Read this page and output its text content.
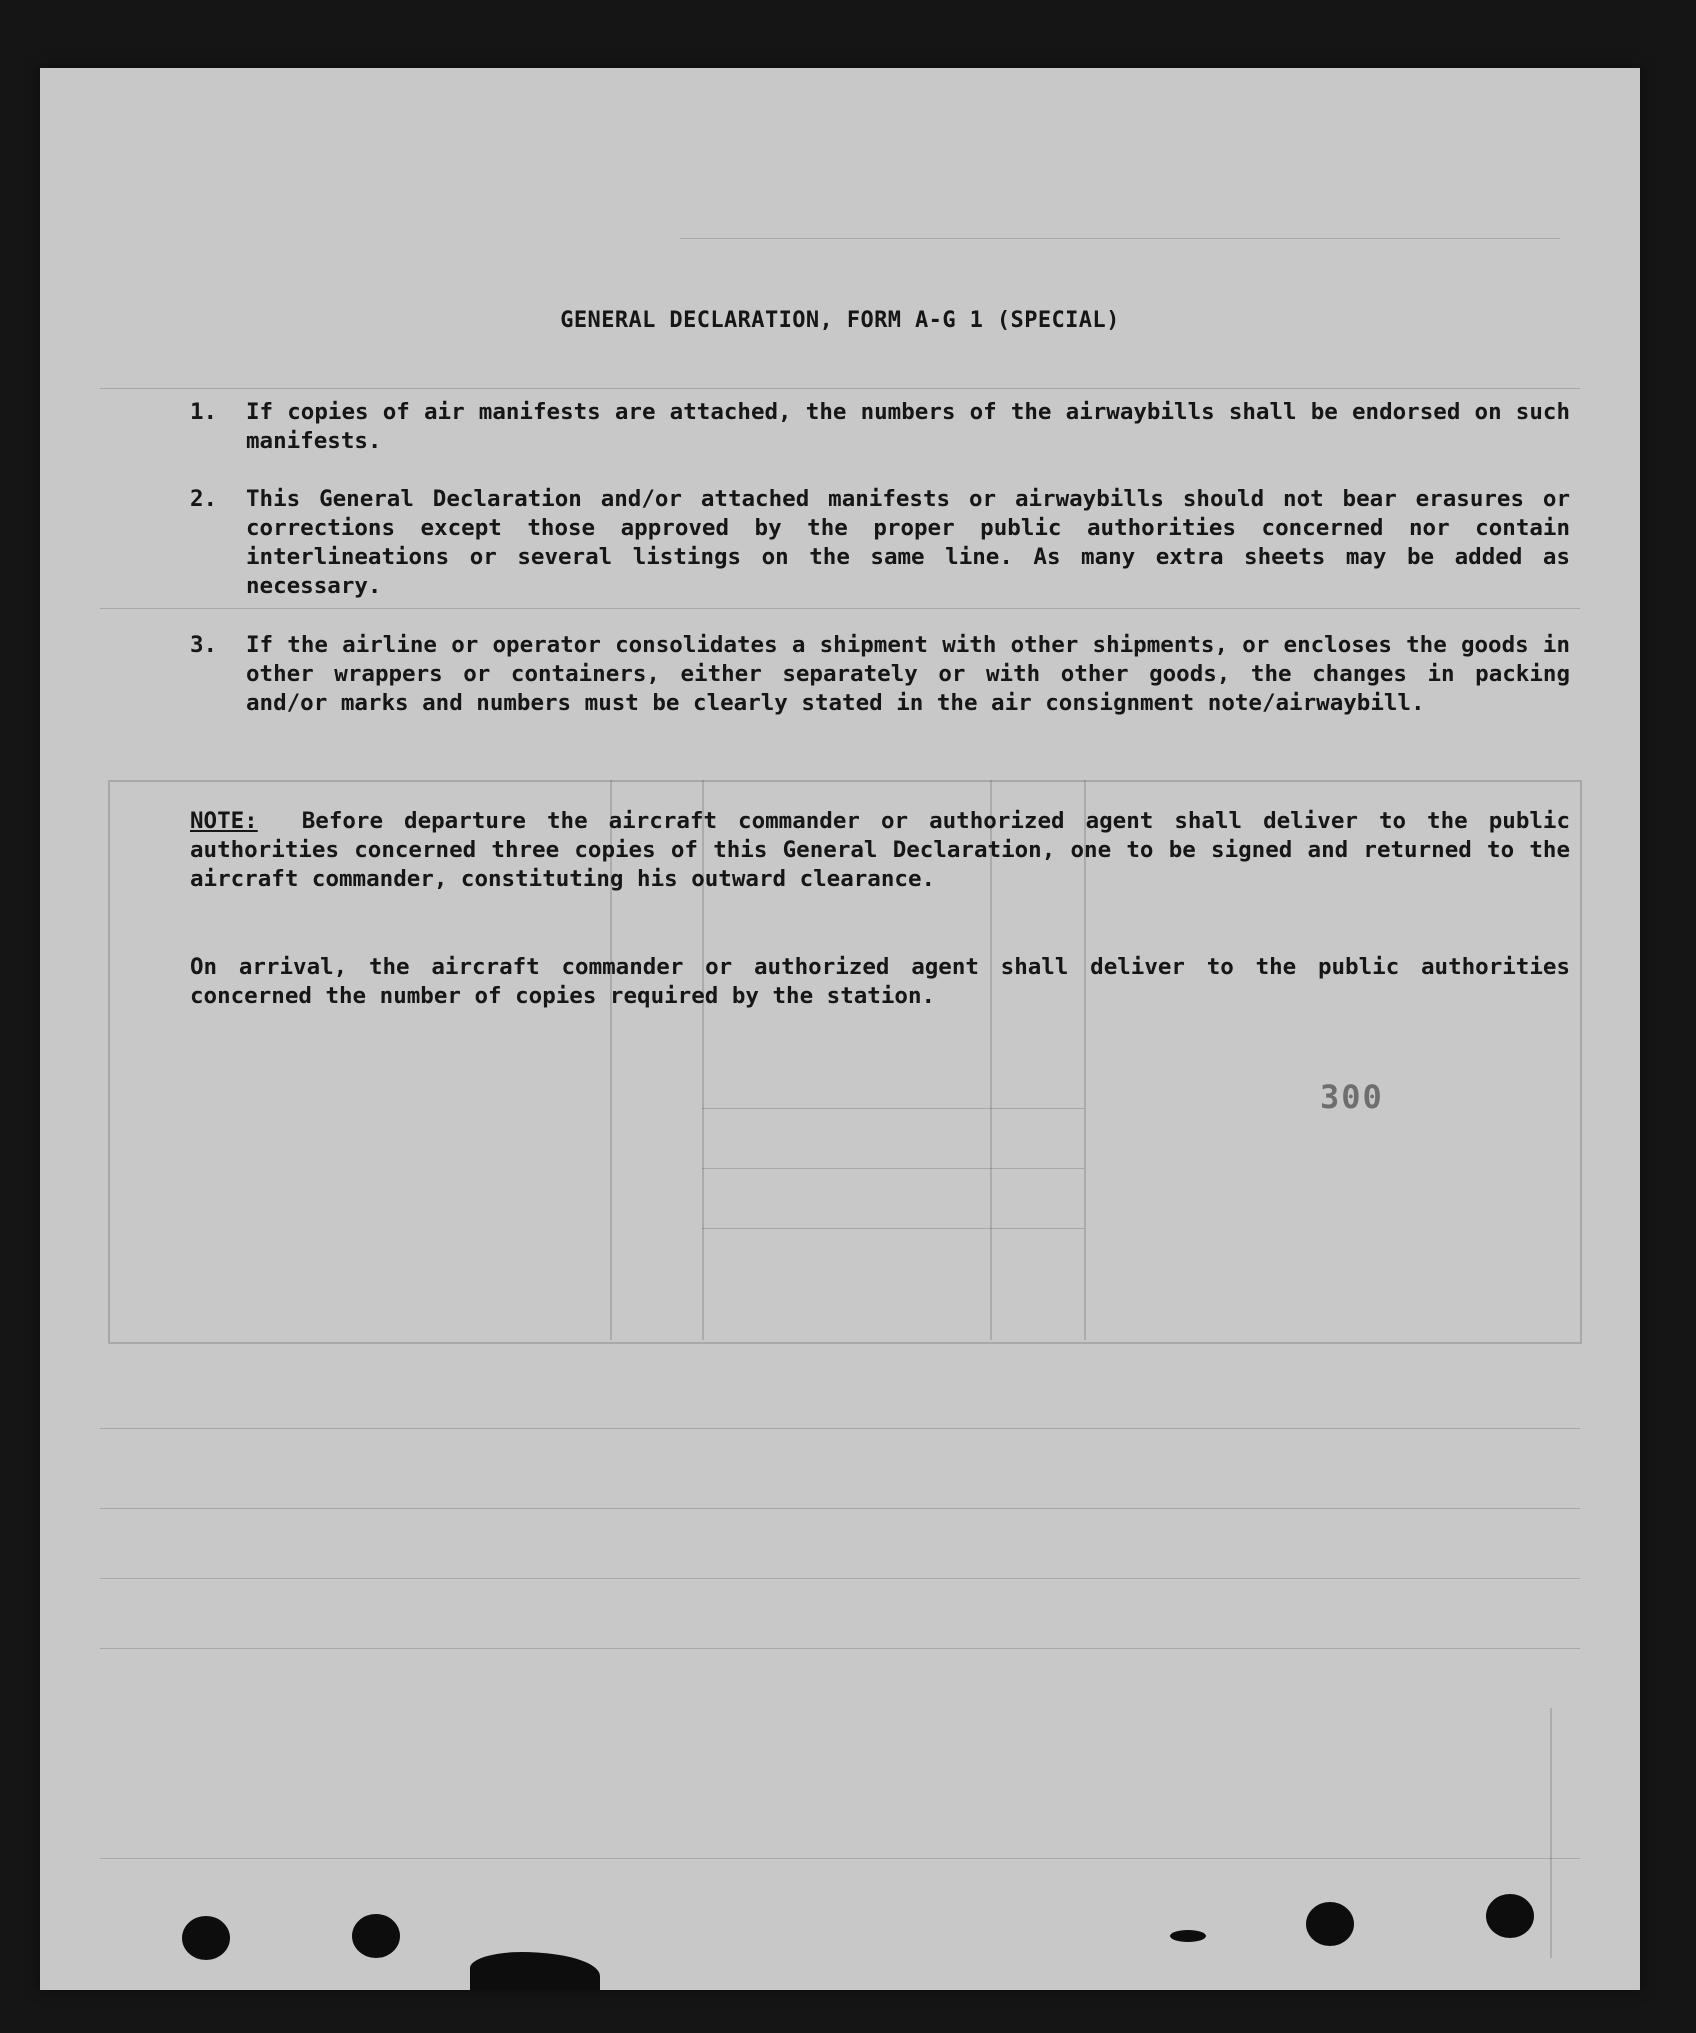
GENERAL DECLARATION, FORM A-G 1 (SPECIAL)
1.	If copies of air manifests are attached, the numbers of the airwaybills shall be endorsed on such manifests.
2.	This General Declaration and/or attached manifests or airwaybills should not bear erasures or corrections except those approved by the proper public authorities concerned nor contain interlineations or several listings on the same line. As many extra sheets may be added as necessary.
3.	If the airline or operator consolidates a shipment with other shipments, or encloses the goods in other wrappers or containers, either separately or with other goods, the changes in packing and/or marks and numbers must be clearly stated in the air consignment note/airwaybill.
NOTE: Before departure the aircraft commander or authorized agent shall deliver to the public authorities concerned three copies of this General Declaration, one to be signed and returned to the aircraft commander, constituting his outward clearance.
On arrival, the aircraft commander or authorized agent shall deliver to the public authorities concerned the number of copies required by the station.
300
